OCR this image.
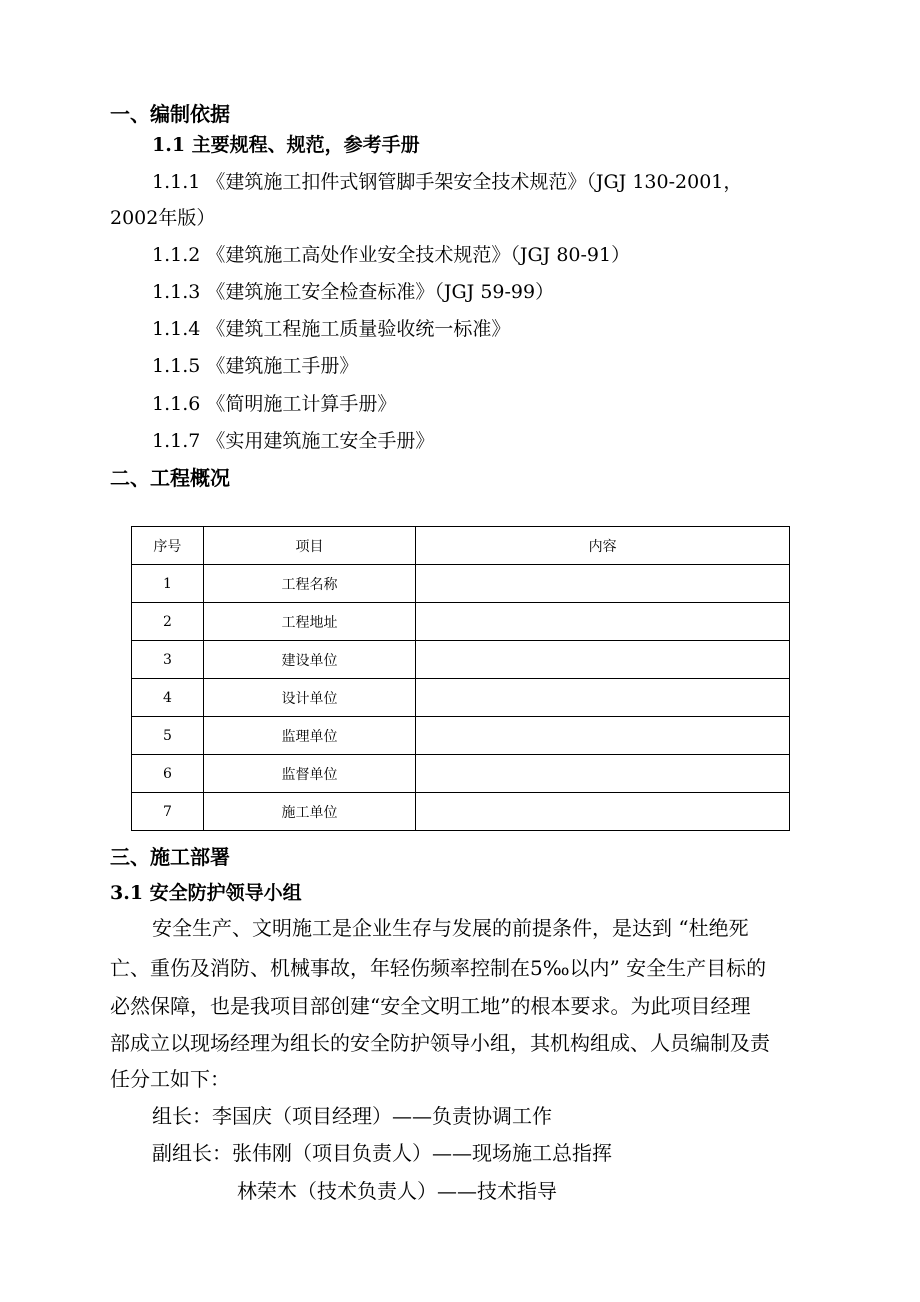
一、编制依据
1.1 主要规程、规范，参考手册
1.1.1 《建筑施工扣件式钢管脚手架安全技术规范》（JGJ 130-2001，
2002年版）
1.1.2 《建筑施工高处作业安全技术规范》（JGJ 80-91）
1.1.3 《建筑施工安全检查标准》（JGJ 59-99）
1.1.4 《建筑工程施工质量验收统一标准》
1.1.5 《建筑施工手册》
1.1.6 《简明施工计算手册》
1.1.7 《实用建筑施工安全手册》
二、工程概况
序号	项目	内容
1	工程名称	
2	工程地址	
3	建设单位	
4	设计单位	
5	监理单位	
6	监督单位	
7	施工单位	
三、施工部署
3.1 安全防护领导小组
安全生产、文明施工是企业生存与发展的前提条件，是达到 “杜绝死
亡、重伤及消防、机械事故，年轻伤频率控制在5‰以内” 安全生产目标的
必然保障，也是我项目部创建“安全文明工地”的根本要求。为此项目经理
部成立以现场经理为组长的安全防护领导小组，其机构组成、人员编制及责
任分工如下：
组长：李国庆（项目经理）——负责协调工作
副组长：张伟刚（项目负责人）——现场施工总指挥
林荣木（技术负责人）——技术指导
